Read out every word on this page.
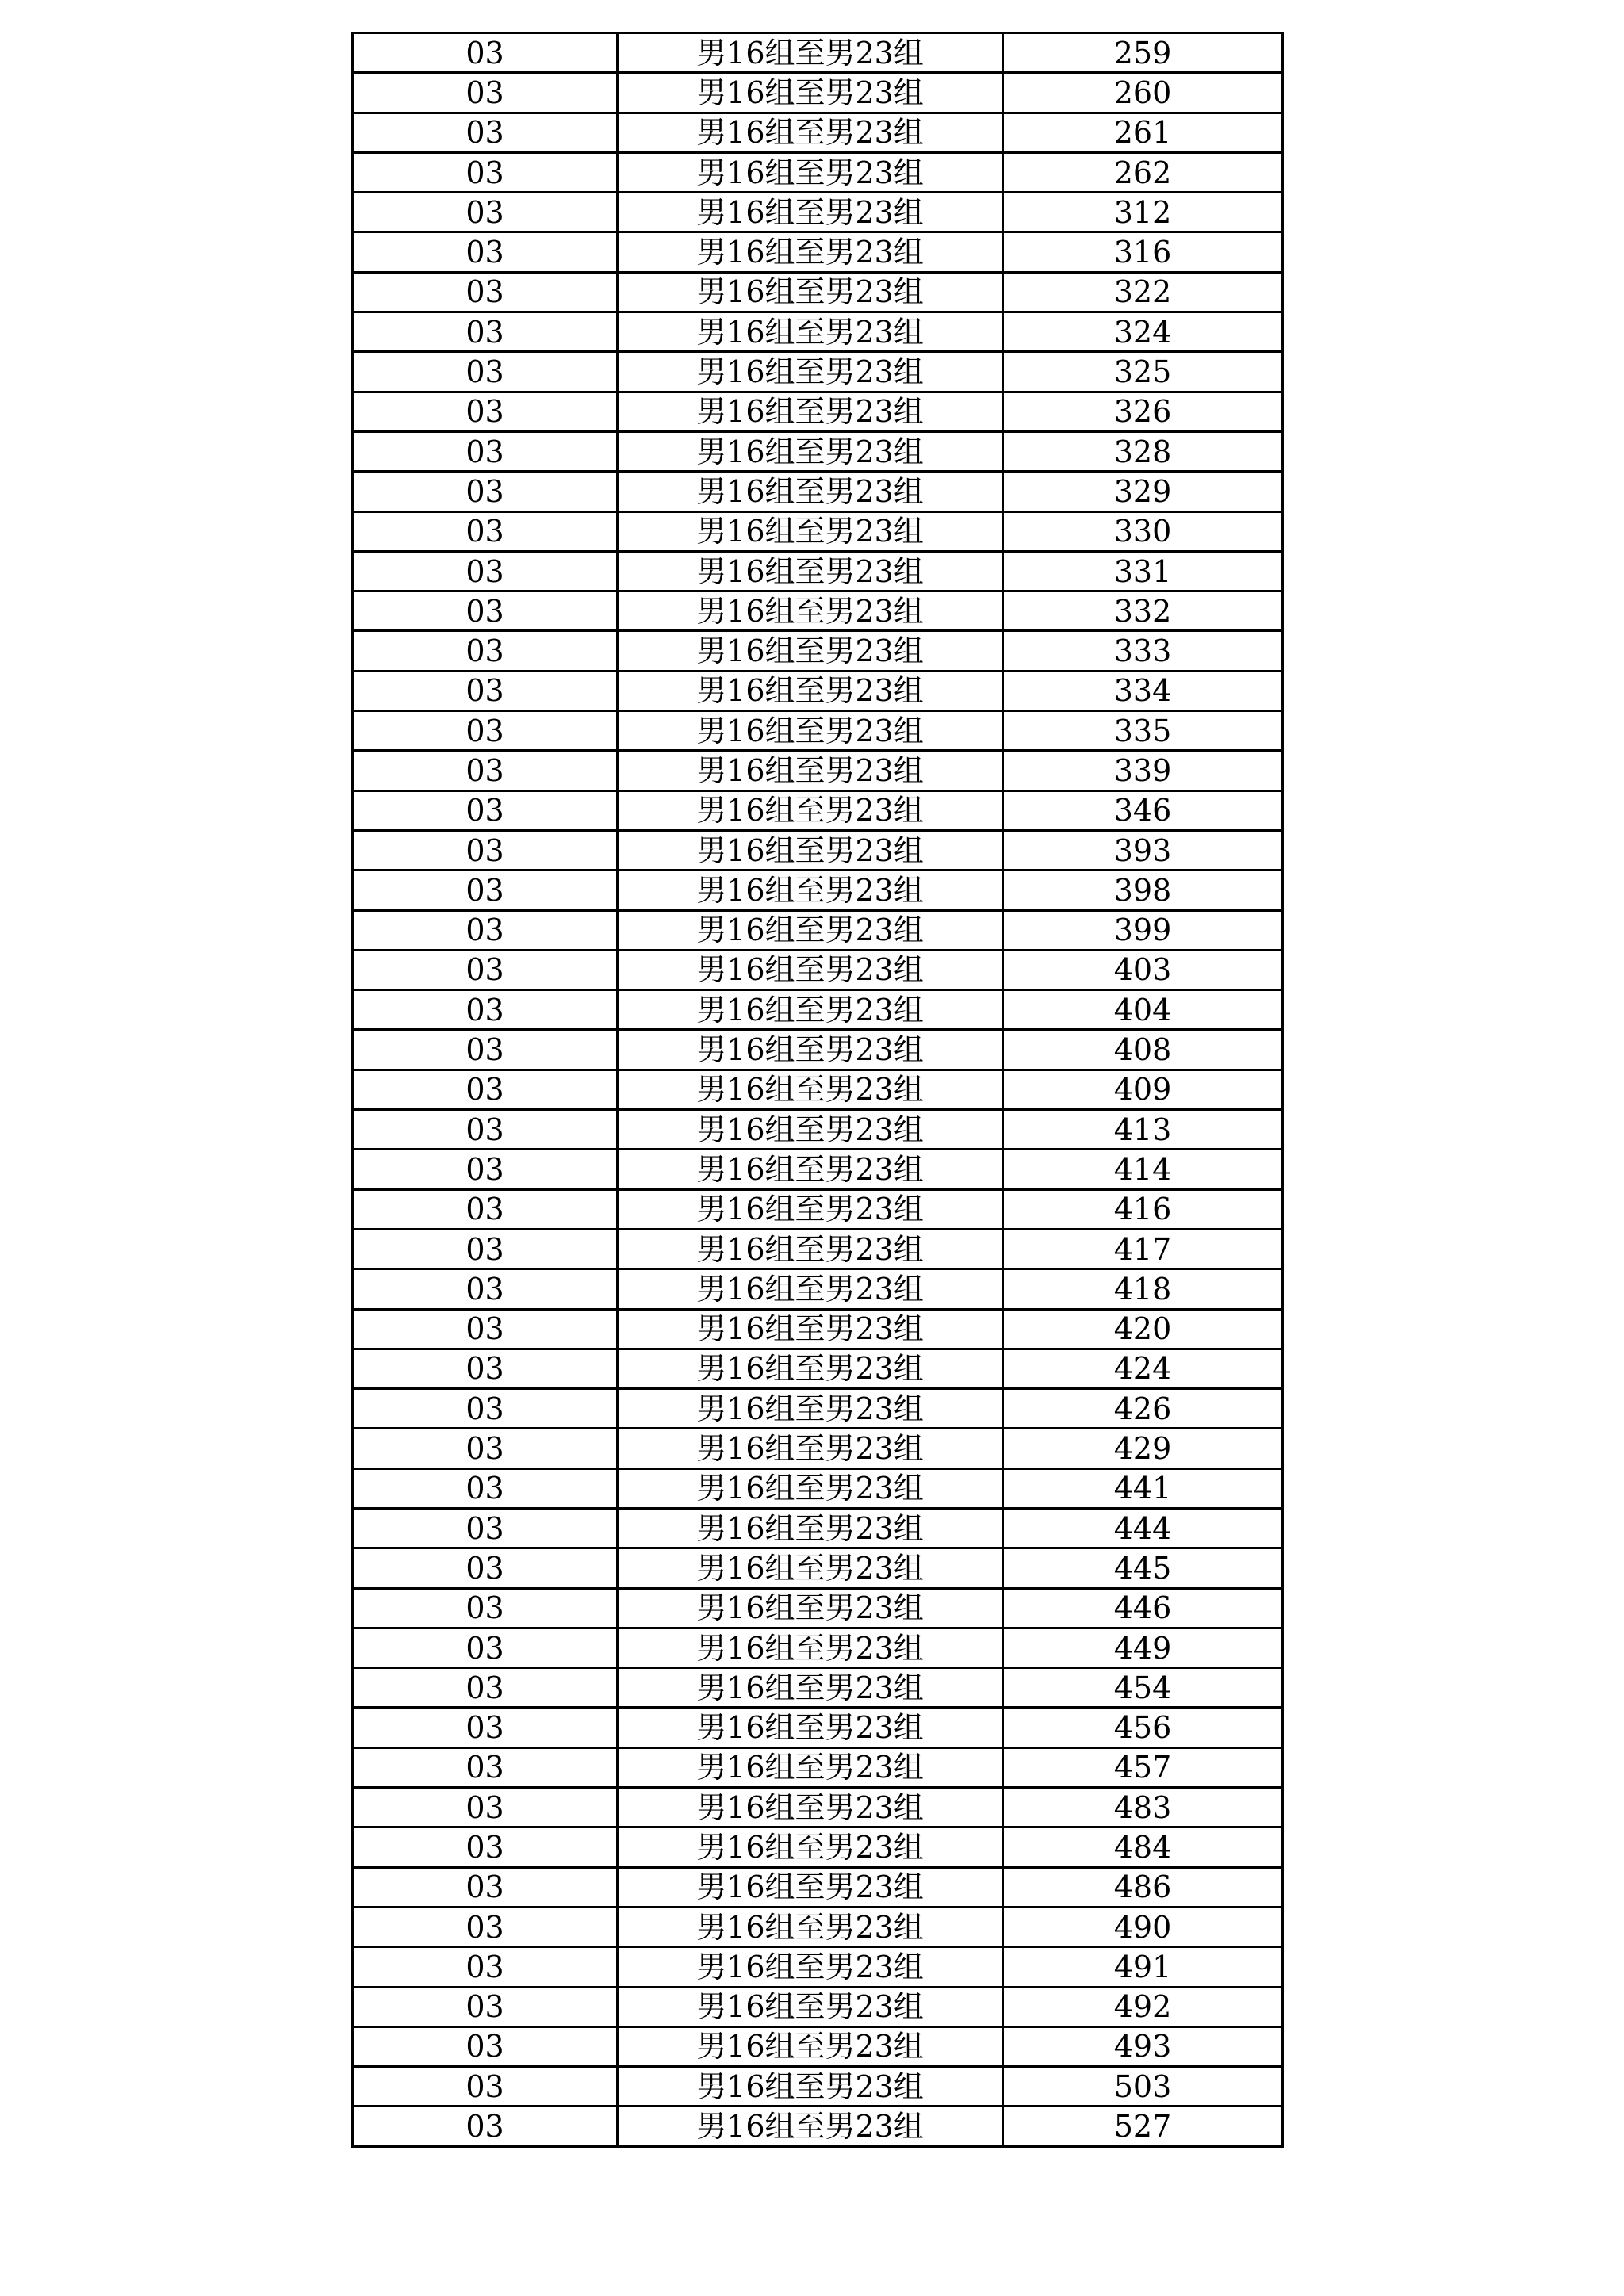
03	男16组至男23组	259
03	男16组至男23组	260
03	男16组至男23组	261
03	男16组至男23组	262
03	男16组至男23组	312
03	男16组至男23组	316
03	男16组至男23组	322
03	男16组至男23组	324
03	男16组至男23组	325
03	男16组至男23组	326
03	男16组至男23组	328
03	男16组至男23组	329
03	男16组至男23组	330
03	男16组至男23组	331
03	男16组至男23组	332
03	男16组至男23组	333
03	男16组至男23组	334
03	男16组至男23组	335
03	男16组至男23组	339
03	男16组至男23组	346
03	男16组至男23组	393
03	男16组至男23组	398
03	男16组至男23组	399
03	男16组至男23组	403
03	男16组至男23组	404
03	男16组至男23组	408
03	男16组至男23组	409
03	男16组至男23组	413
03	男16组至男23组	414
03	男16组至男23组	416
03	男16组至男23组	417
03	男16组至男23组	418
03	男16组至男23组	420
03	男16组至男23组	424
03	男16组至男23组	426
03	男16组至男23组	429
03	男16组至男23组	441
03	男16组至男23组	444
03	男16组至男23组	445
03	男16组至男23组	446
03	男16组至男23组	449
03	男16组至男23组	454
03	男16组至男23组	456
03	男16组至男23组	457
03	男16组至男23组	483
03	男16组至男23组	484
03	男16组至男23组	486
03	男16组至男23组	490
03	男16组至男23组	491
03	男16组至男23组	492
03	男16组至男23组	493
03	男16组至男23组	503
03	男16组至男23组	527
